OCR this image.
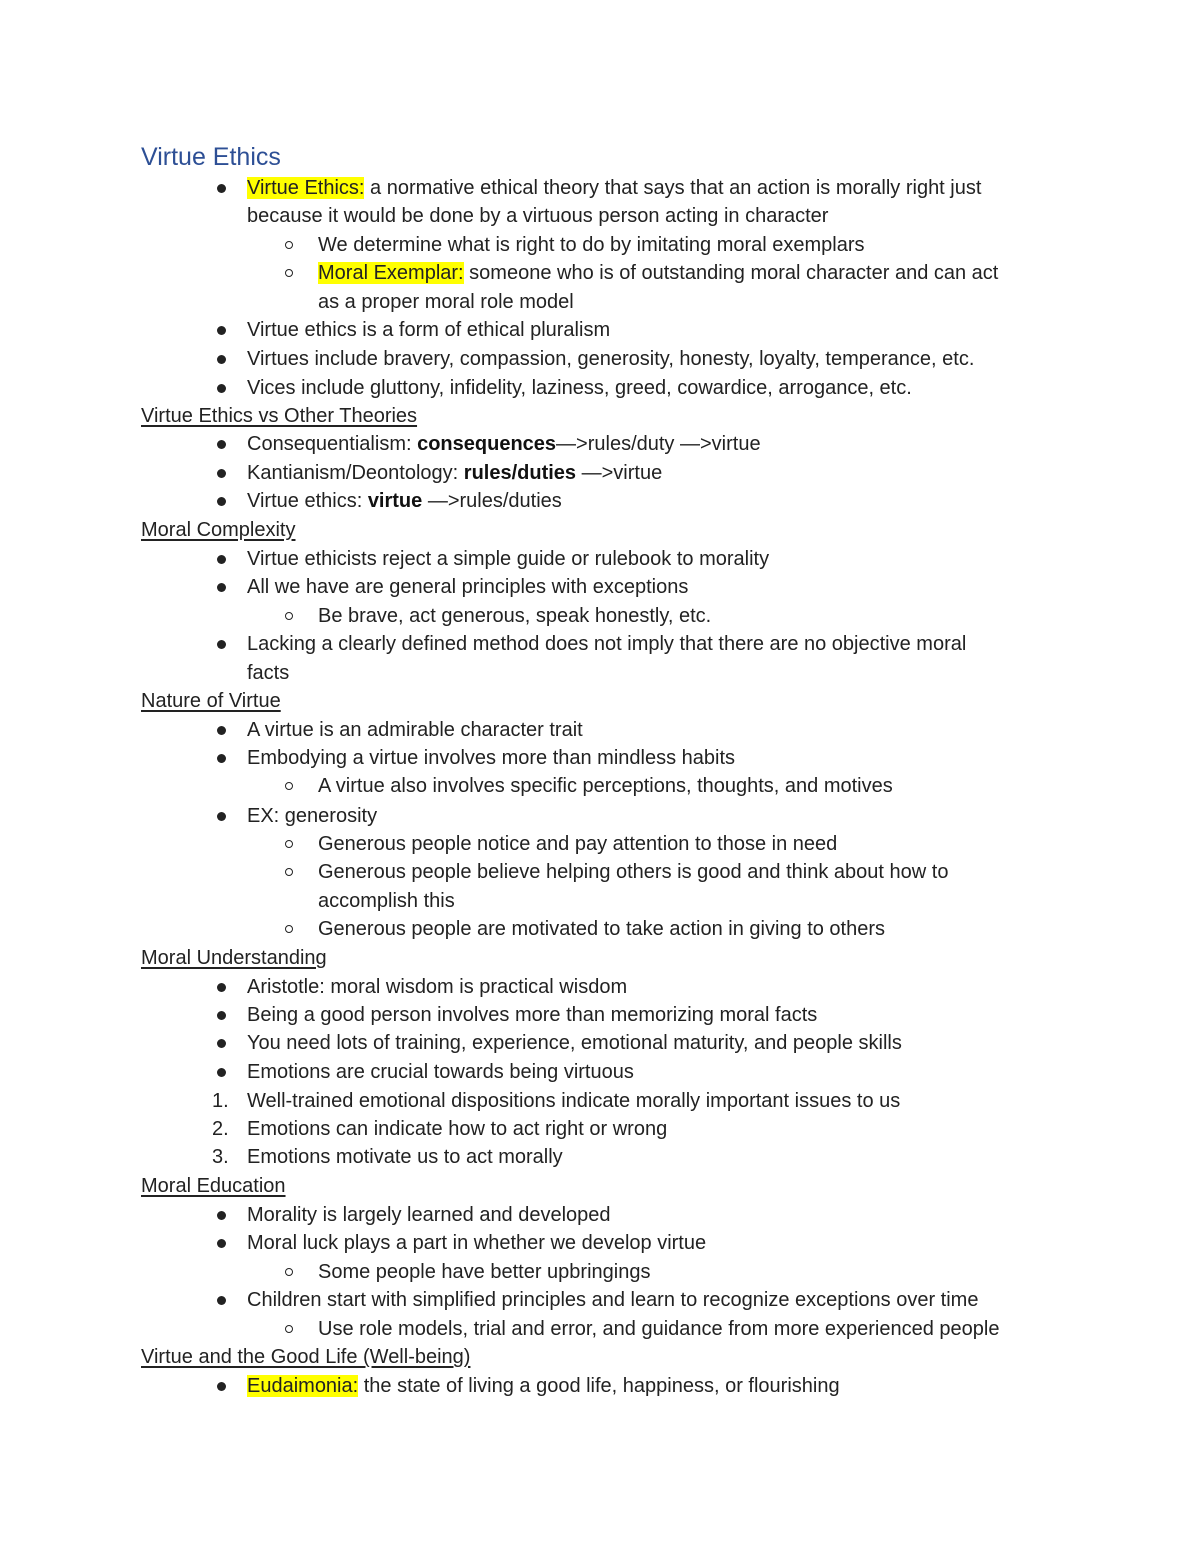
Virtue Ethics
Virtue Ethics: a normative ethical theory that says that an action is morally right just
because it would be done by a virtuous person acting in character
We determine what is right to do by imitating moral exemplars
Moral Exemplar: someone who is of outstanding moral character and can act
as a proper moral role model
Virtue ethics is a form of ethical pluralism
Virtues include bravery, compassion, generosity, honesty, loyalty, temperance, etc.
Vices include gluttony, infidelity, laziness, greed, cowardice, arrogance, etc.
Virtue Ethics vs Other Theories
Consequentialism: consequences—>rules/duty —>virtue
Kantianism/Deontology: rules/duties —>virtue
Virtue ethics: virtue —>rules/duties
Moral Complexity
Virtue ethicists reject a simple guide or rulebook to morality
All we have are general principles with exceptions
Be brave, act generous, speak honestly, etc.
Lacking a clearly defined method does not imply that there are no objective moral
facts
Nature of Virtue
A virtue is an admirable character trait
Embodying a virtue involves more than mindless habits
A virtue also involves specific perceptions, thoughts, and motives
EX: generosity
Generous people notice and pay attention to those in need
Generous people believe helping others is good and think about how to
accomplish this
Generous people are motivated to take action in giving to others
Moral Understanding
Aristotle: moral wisdom is practical wisdom
Being a good person involves more than memorizing moral facts
You need lots of training, experience, emotional maturity, and people skills
Emotions are crucial towards being virtuous
1. Well-trained emotional dispositions indicate morally important issues to us
2. Emotions can indicate how to act right or wrong
3. Emotions motivate us to act morally
Moral Education
Morality is largely learned and developed
Moral luck plays a part in whether we develop virtue
Some people have better upbringings
Children start with simplified principles and learn to recognize exceptions over time
Use role models, trial and error, and guidance from more experienced people
Virtue and the Good Life (Well-being)
Eudaimonia: the state of living a good life, happiness, or flourishing
